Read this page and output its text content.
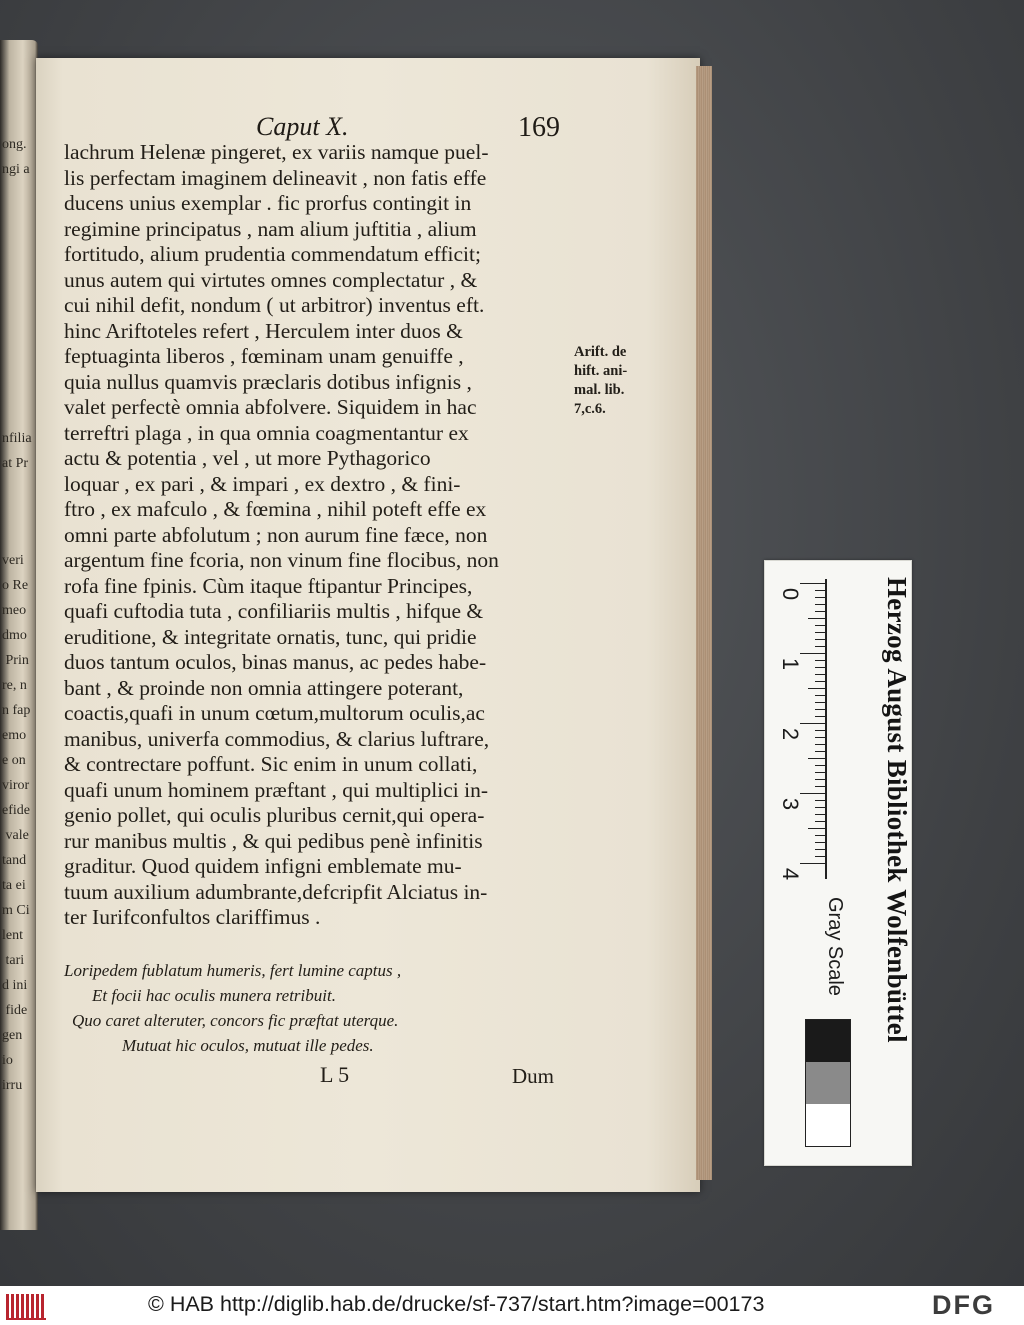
ong.
ngi a
nfilia
at Pr
veri
o Re
meo
dmo
Prin
re, n
n fap
emo
e on
viror
efide
vale
tand
ta ei
m Ci
lent
tari
d ini
fide
gen
io
irru

Caput X.	169

lachrum Helenæ pingeret, ex variis namque puel-
lis perfectam imaginem delineavit , non fatis effe
ducens unius exemplar . fic prorfus contingit in
regimine principatus , nam alium juftitia , alium
fortitudo, alium prudentia commendatum efficit;
unus autem qui virtutes omnes complectatur , &
cui nihil defit, nondum ( ut arbitror) inventus eft.
hinc Ariftoteles refert , Herculem inter duos &
feptuaginta liberos , fœminam unam genuiffe ,
quia nullus quamvis præclaris dotibus infignis ,
valet perfectè omnia abfolvere. Siquidem in hac
terreftri plaga , in qua omnia coagmentantur ex
actu & potentia , vel , ut more Pythagorico
loquar , ex pari , & impari , ex dextro , & fini-
ftro , ex mafculo , & fœmina , nihil poteft effe ex
omni parte abfolutum ; non aurum fine fæce, non
argentum fine fcoria, non vinum fine flocibus, non
rofa fine fpinis. Cùm itaque ftipantur Principes,
quafi cuftodia tuta , confiliariis multis , hifque &
eruditione, & integritate ornatis, tunc, qui pridie
duos tantum oculos, binas manus, ac pedes habe-
bant , & proinde non omnia attingere poterant,
coactis,quafi in unum cœtum,multorum oculis,ac
manibus, univerfa commodius, & clarius luftrare,
& contrectare poffunt. Sic enim in unum collati,
quafi unum hominem præftant , qui multiplici in-
genio pollet, qui oculis pluribus cernit,qui opera-
rur manibus multis , & qui pedibus penè infinitis
graditur. Quod quidem infigni emblemate mu-
tuum auxilium adumbrante,defcripfit Alciatus in-
ter Iurifconfultos clariffimus .
Arift. de
hift. ani-
mal. lib.
7,c.6.
Loripedem fublatum humeris, fert lumine captus ,
Et focii hac oculis munera retribuit.
Quo caret alteruter, concors fic præftat uterque.
Mutuat hic oculos, mutuat ille pedes.

L 5	Dum

0

1

2

3

4	Herzog August Bibliothek Wolfenbüttel

Gray Scale

© HAB http://diglib.hab.de/drucke/sf-737/start.htm?image=00173	DFG
